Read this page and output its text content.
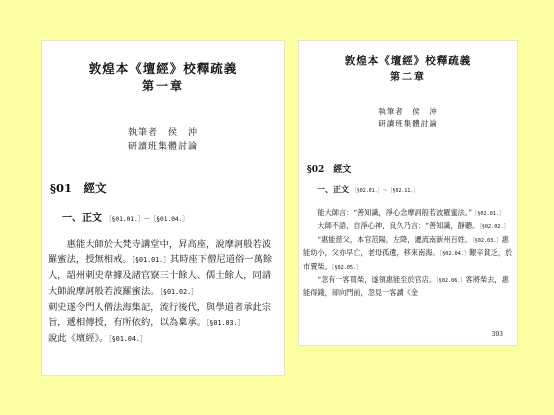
敦煌本《壇經》校釋疏義
第一章
執筆者　侯　沖
研讀班集體討論
§01　經文
一、正文 ［§01.01.］～［§01.04.］

惠能大師於大梵寺講堂中，昇高座，說摩訶般若波羅蜜法，授無相戒。［§01.01.］其時座下僧尼道俗一萬餘人，韶州刺史韋據及諸官寮三十餘人、儒士餘人，同請大師說摩訶般若波羅蜜法。［§01.02.］

刺史遂令門人僧法海集記，流行後代，與學道者承此宗旨，遞相傳授，有所依約，以為稟承。［§01.03.］

說此《壇經》。［§01.04.］

敦煌本《壇經》校釋疏義
第二章
執筆者　侯　沖
研讀班集體討論
§02　經文
一、正文 ［§02.01.］～［§02.11.］

能大師言：“善知識，淨心念摩訶般若波羅蜜法。”［§02.01.］

大師不語，自淨心神，良久乃言：“善知識，靜聽。［§02.02.］

“惠能慈父，本官范陽，左降，遷流南新州百姓。［§02.03.］惠能幼小，父亦早亡，老母孤遺，移來南海。［§02.04.］艱辛貧乏，於市賣柴。［§02.05.］

“忽有一客買柴，遂領惠能至於官店。［§02.06.］客將柴去，惠能得錢，卻向門前，忽見一客讀《金

393
